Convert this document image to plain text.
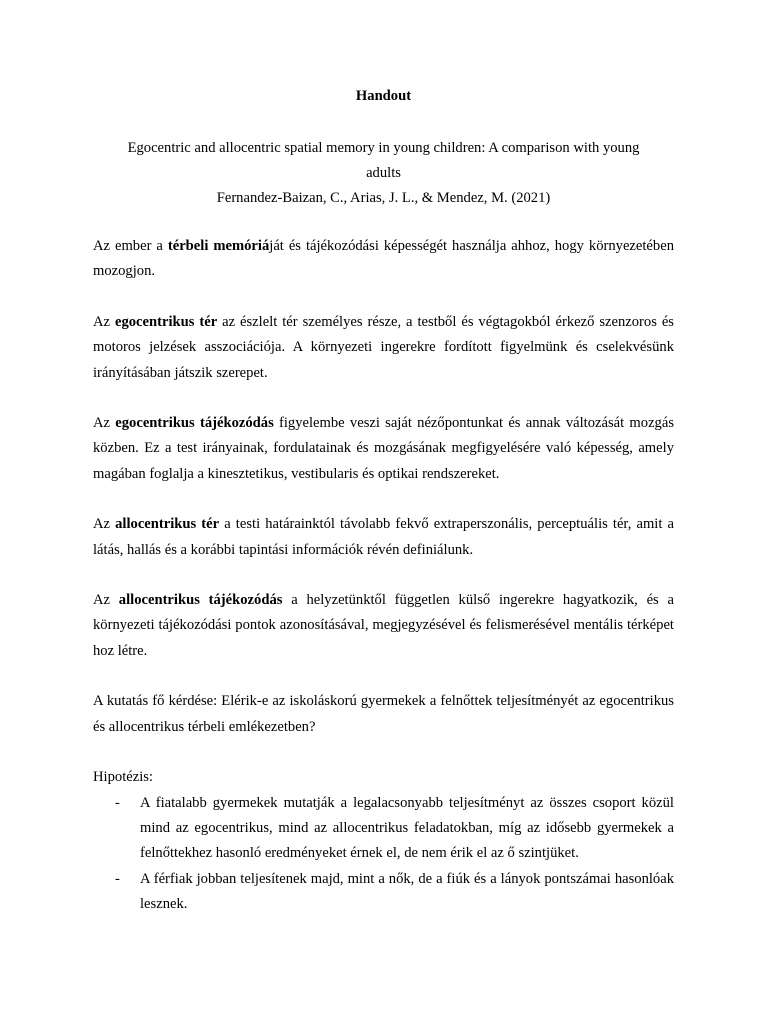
Handout

Egocentric and allocentric spatial memory in young children: A comparison with young

adults

Fernandez-Baizan, C., Arias, J. L., & Mendez, M. (2021)

Az ember a térbeli memóriáját és tájékozódási képességét használja ahhoz, hogy környezetében mozogjon.

Az egocentrikus tér az észlelt tér személyes része, a testből és végtagokból érkező szenzoros és motoros jelzések asszociációja. A környezeti ingerekre fordított figyelmünk és cselekvésünk irányításában játszik szerepet.

Az egocentrikus tájékozódás figyelembe veszi saját nézőpontunkat és annak változását mozgás közben. Ez a test irányainak, fordulatainak és mozgásának megfigyelésére való képesség, amely magában foglalja a kinesztetikus, vestibularis és optikai rendszereket.

Az allocentrikus tér a testi határainktól távolabb fekvő extraperszonális, perceptuális tér, amit a látás, hallás és a korábbi tapintási információk révén definiálunk.

Az allocentrikus tájékozódás a helyzetünktől független külső ingerekre hagyatkozik, és a környezeti tájékozódási pontok azonosításával, megjegyzésével és felismerésével mentális térképet hoz létre.

A kutatás fő kérdése: Elérik-e az iskoláskorú gyermekek a felnőttek teljesítményét az egocentrikus és allocentrikus térbeli emlékezetben?

Hipotézis:

- A fiatalabb gyermekek mutatják a legalacsonyabb teljesítményt az összes csoport közül mind az egocentrikus, mind az allocentrikus feladatokban, míg az idősebb gyermekek a felnőttekhez hasonló eredményeket érnek el, de nem érik el az ő szintjüket.
- A férfiak jobban teljesítenek majd, mint a nők, de a fiúk és a lányok pontszámai hasonlóak lesznek.
